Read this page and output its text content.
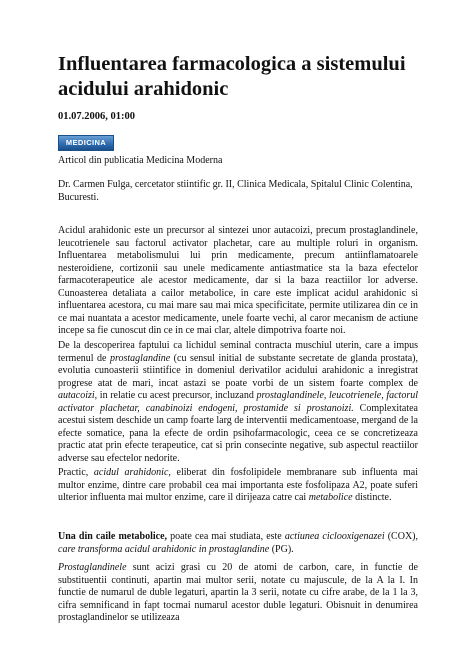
Influentarea farmacologica a sistemului acidului arahidonic
01.07.2006, 01:00
MEDICINA
Articol din publicatia Medicina Moderna
Dr. Carmen Fulga, cercetator stiintific gr. II, Clinica Medicala, Spitalul Clinic Colentina, Bucuresti.

Acidul arahidonic este un precursor al sintezei unor autacoizi, precum prostaglandinele, leucotrienele sau factorul activator plachetar, care au multiple roluri in organism. Influentarea metabolismului lui prin medicamente, precum antiinflamatoarele nesteroidiene, cortizonii sau unele medicamente antiastmatice sta la baza efectelor farmacoterapeutice ale acestor medicamente, dar si la baza reactiilor lor adverse. Cunoasterea detaliata a cailor metabolice, in care este implicat acidul arahidonic si influentarea acestora, cu mai mare sau mai mica specificitate, permite utilizarea din ce in ce mai nuantata a acestor medicamente, unele foarte vechi, al caror mecanism de actiune incepe sa fie cunoscut din ce in ce mai clar, altele dimpotriva foarte noi.

De la descoperirea faptului ca lichidul seminal contracta muschiul uterin, care a impus termenul de prostaglandine (cu sensul initial de substante secretate de glanda prostata), evolutia cunoasterii stiintifice in domeniul derivatilor acidului arahidonic a inregistrat progrese atat de mari, incat astazi se poate vorbi de un sistem foarte complex de autacoizi, in relatie cu acest precursor, incluzand prostaglandinele, leucotrienele, factorul activator plachetar, canabinoizi endogeni, prostamide si prostanoizi. Complexitatea acestui sistem deschide un camp foarte larg de interventii medicamentoase, mergand de la efecte somatice, pana la efecte de ordin psihofarmacologic, ceea ce se concretizeaza practic atat prin efecte terapeutice, cat si prin consecinte negative, sub aspectul reactiilor adverse sau efectelor nedorite.

Practic, acidul arahidonic, eliberat din fosfolipidele membranare sub influenta mai multor enzime, dintre care probabil cea mai importanta este fosfolipaza A2, poate suferi ulterior influenta mai multor enzime, care il dirijeaza catre cai metabolice distincte.

Una din caile metabolice, poate cea mai studiata, este actiunea ciclooxigenazei (COX), care transforma acidul arahidonic in prostaglandine (PG).

Prostaglandinele sunt acizi grasi cu 20 de atomi de carbon, care, in functie de substituentii continuti, apartin mai multor serii, notate cu majuscule, de la A la I. In functie de numarul de duble legaturi, apartin la 3 serii, notate cu cifre arabe, de la 1 la 3, cifra semnificand in fapt tocmai numarul acestor duble legaturi. Obisnuit in denumirea prostaglandinelor se utilizeaza
